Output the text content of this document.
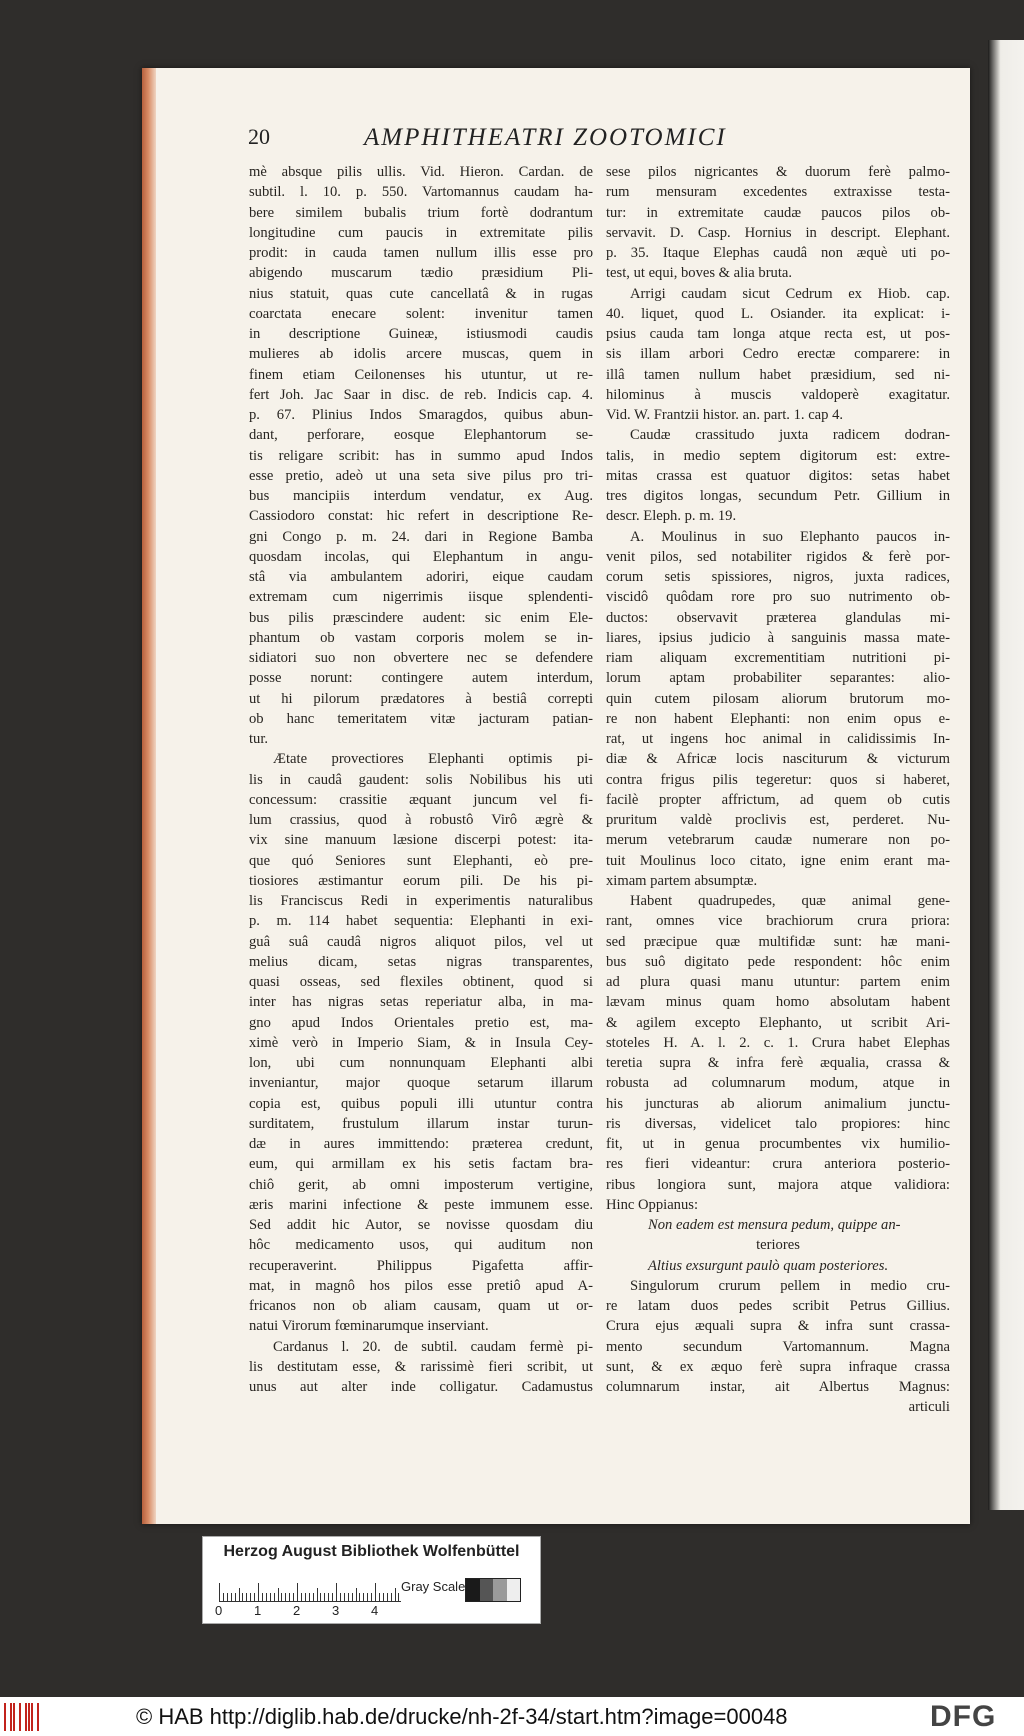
20	AMPHITHEATRI ZOOTOMICI
mè absque pilis ullis. Vid. Hieron. Cardan. de
subtil. l. 10. p. 550. Vartomannus caudam ha-
bere similem bubalis trium fortè dodrantum
longitudine cum paucis in extremitate pilis
prodit: in cauda tamen nullum illis esse pro
abigendo muscarum tædio præsidium Pli-
nius statuit, quas cute cancellatâ & in rugas
coarctata enecare solent: invenitur tamen
in descriptione Guineæ, istiusmodi caudis
mulieres ab idolis arcere muscas, quem in
finem etiam Ceilonenses his utuntur, ut re-
fert Joh. Jac Saar in disc. de reb. Indicis cap. 4.
p. 67. Plinius Indos Smaragdos, quibus abun-
dant, perforare, eosque Elephantorum se-
tis religare scribit: has in summo apud Indos
esse pretio, adeò ut una seta sive pilus pro tri-
bus mancipiis interdum vendatur, ex Aug.
Cassiodoro constat: hic refert in descriptione Re-
gni Congo p. m. 24. dari in Regione Bamba
quosdam incolas, qui Elephantum in angu-
stâ via ambulantem adoriri, eique caudam
extremam cum nigerrimis iisque splendenti-
bus pilis præscindere audent: sic enim Ele-
phantum ob vastam corporis molem se in-
sidiatori suo non obvertere nec se defendere
posse norunt: contingere autem interdum,
ut hi pilorum prædatores à bestiâ correpti
ob hanc temeritatem vitæ jacturam patian-
tur.
Ætate provectiores Elephanti optimis pi-
lis in caudâ gaudent: solis Nobilibus his uti
concessum: crassitie æquant juncum vel fi-
lum crassius, quod à robustô Virô ægrè &
vix sine manuum læsione discerpi potest: ita-
que quó Seniores sunt Elephanti, eò pre-
tiosiores æstimantur eorum pili. De his pi-
lis Franciscus Redi in experimentis naturalibus
p. m. 114 habet sequentia: Elephanti in exi-
guâ suâ caudâ nigros aliquot pilos, vel ut
melius dicam, setas nigras transparentes,
quasi osseas, sed flexiles obtinent, quod si
inter has nigras setas reperiatur alba, in ma-
gno apud Indos Orientales pretio est, ma-
ximè verò in Imperio Siam, & in Insula Cey-
lon, ubi cum nonnunquam Elephanti albi
inveniantur, major quoque setarum illarum
copia est, quibus populi illi utuntur contra
surditatem, frustulum illarum instar turun-
dæ in aures immittendo: præterea credunt,
eum, qui armillam ex his setis factam bra-
chiô gerit, ab omni imposterum vertigine,
æris marini infectione & peste immunem esse.
Sed addit hic Autor, se novisse quosdam diu
hôc medicamento usos, qui auditum non
recuperaverint. Philippus Pigafetta affir-
mat, in magnô hos pilos esse pretiô apud A-
fricanos non ob aliam causam, quam ut or-
natui Virorum fœminarumque inserviant.
Cardanus l. 20. de subtil. caudam fermè pi-
lis destitutam esse, & rarissimè fieri scribit, ut
unus aut alter inde colligatur. Cadamustus
sese pilos nigricantes & duorum ferè palmo-
rum mensuram excedentes extraxisse testa-
tur: in extremitate caudæ paucos pilos ob-
servavit. D. Casp. Hornius in descript. Elephant.
p. 35. Itaque Elephas caudâ non æquè uti po-
test, ut equi, boves & alia bruta.
Arrigi caudam sicut Cedrum ex Hiob. cap.
40. liquet, quod L. Osiander. ita explicat: i-
psius cauda tam longa atque recta est, ut pos-
sis illam arbori Cedro erectæ comparere: in
illâ tamen nullum habet præsidium, sed ni-
hilominus à muscis valdoperè exagitatur.
Vid. W. Frantzii histor. an. part. 1. cap 4.
Caudæ crassitudo juxta radicem dodran-
talis, in medio septem digitorum est: extre-
mitas crassa est quatuor digitos: setas habet
tres digitos longas, secundum Petr. Gillium in
descr. Eleph. p. m. 19.
A. Moulinus in suo Elephanto paucos in-
venit pilos, sed notabiliter rigidos & ferè por-
corum setis spissiores, nigros, juxta radices,
viscidô quôdam rore pro suo nutrimento ob-
ductos: observavit præterea glandulas mi-
liares, ipsius judicio à sanguinis massa mate-
riam aliquam excrementitiam nutritioni pi-
lorum aptam probabiliter separantes: alio-
quin cutem pilosam aliorum brutorum mo-
re non habent Elephanti: non enim opus e-
rat, ut ingens hoc animal in calidissimis In-
diæ & Africæ locis nasciturum & victurum
contra frigus pilis tegeretur: quos si haberet,
facilè propter affrictum, ad quem ob cutis
pruritum valdè proclivis est, perderet. Nu-
merum vetebrarum caudæ numerare non po-
tuit Moulinus loco citato, igne enim erant ma-
ximam partem absumptæ.
Habent quadrupedes, quæ animal gene-
rant, omnes vice brachiorum crura priora:
sed præcipue quæ multifidæ sunt: hæ mani-
bus suô digitato pede respondent: hôc enim
ad plura quasi manu utuntur: partem enim
lævam minus quam homo absolutam habent
& agilem excepto Elephanto, ut scribit Ari-
stoteles H. A. l. 2. c. 1. Crura habet Elephas
teretia supra & infra ferè æqualia, crassa &
robusta ad columnarum modum, atque in
his juncturas ab aliorum animalium junctu-
ris diversas, videlicet talo propiores: hinc
fit, ut in genua procumbentes vix humilio-
res fieri videantur: crura anteriora posterio-
ribus longiora sunt, majora atque validiora:
Hinc Oppianus:
Non eadem est mensura pedum, quippe an-
teriores
Altius exsurgunt paulò quam posteriores.
Singulorum crurum pellem in medio cru-
re latam duos pedes scribit Petrus Gillius.
Crura ejus æquali supra & infra sunt crassa-
mento secundum Vartomannum. Magna
sunt, & ex æquo ferè supra infraque crassa
columnarum instar, ait Albertus Magnus:
articuli
Herzog August Bibliothek Wolfenbüttel
0 1 2 3 4
Gray Scale
© HAB http://diglib.hab.de/drucke/nh-2f-34/start.htm?image=00048	DFG
